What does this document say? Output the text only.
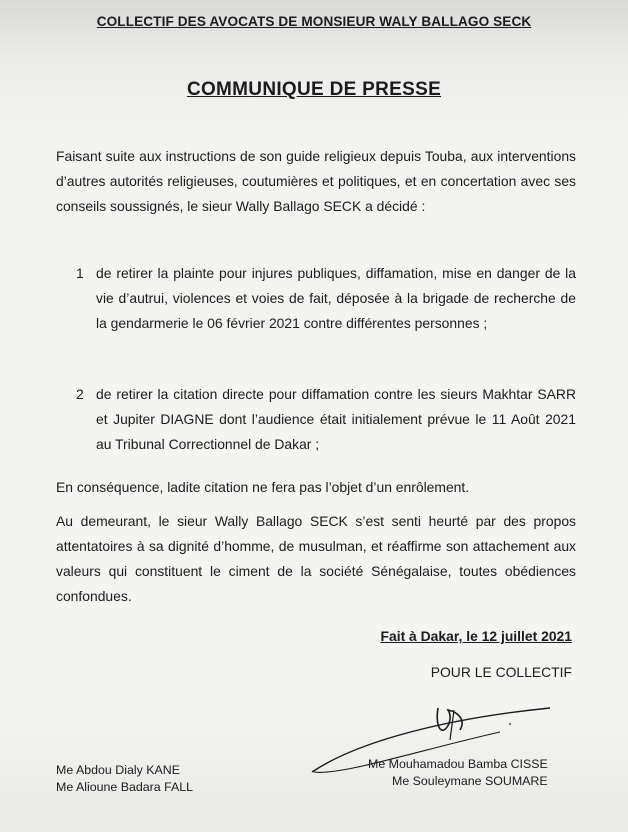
COLLECTIF DES AVOCATS DE MONSIEUR WALY BALLAGO SECK
COMMUNIQUE DE PRESSE
Faisant suite aux instructions de son guide religieux depuis Touba, aux interventions d’autres autorités religieuses, coutumières et politiques, et en concertation avec ses conseils soussignés, le sieur Wally Ballago SECK a décidé :
1 de retirer la plainte pour injures publiques, diffamation, mise en danger de la vie d’autrui, violences et voies de fait, déposée à la brigade de recherche de la gendarmerie le 06 février 2021 contre différentes personnes ;
2 de retirer la citation directe pour diffamation contre les sieurs Makhtar SARR et Jupiter DIAGNE dont l’audience était initialement prévue le 11 Août 2021 au Tribunal Correctionnel de Dakar ;
En conséquence, ladite citation ne fera pas l’objet d’un enrôlement.
Au demeurant, le sieur Wally Ballago SECK s’est senti heurté par des propos attentatoires à sa dignité d’homme, de musulman, et réaffirme son attachement aux valeurs qui constituent le ciment de la société Sénégalaise, toutes obédiences confondues.
Fait à Dakar, le 12 juillet 2021
POUR LE COLLECTIF
Me Abdou Dialy KANE
Me Alioune Badara FALL
Me Mouhamadou Bamba CISSE
Me Souleymane SOUMARE
